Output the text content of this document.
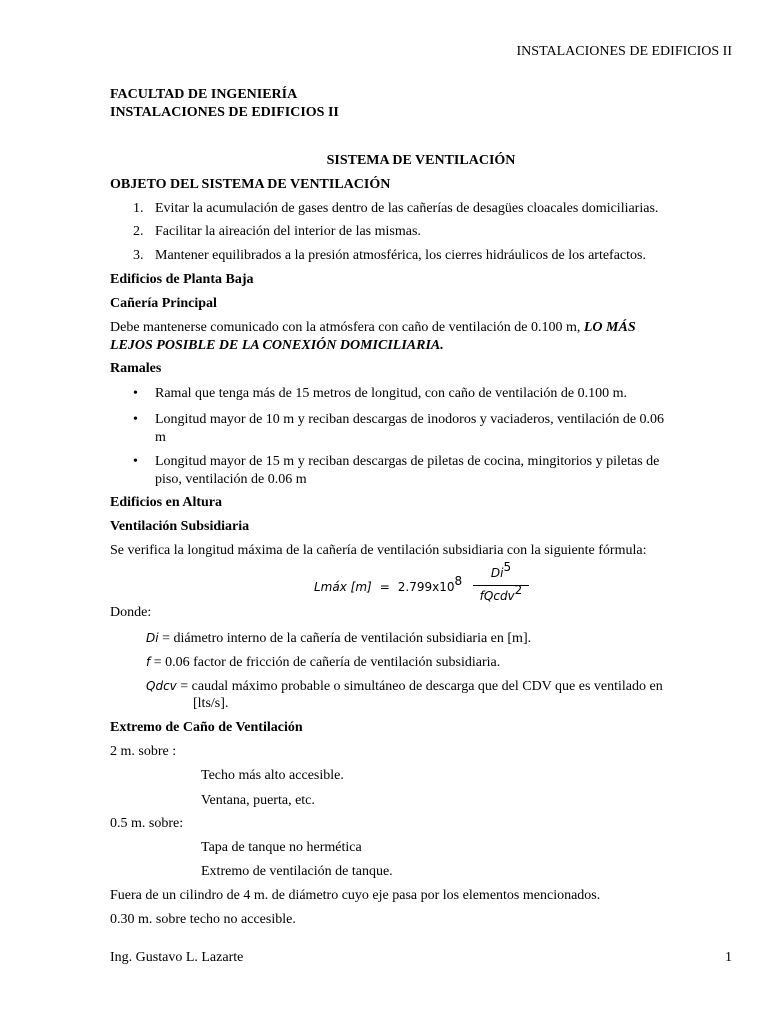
INSTALACIONES DE EDIFICIOS II
FACULTAD DE INGENIERÍA
INSTALACIONES DE EDIFICIOS II
SISTEMA DE VENTILACIÓN
OBJETO DEL SISTEMA DE VENTILACIÓN
1. Evitar la acumulación de gases dentro de las cañerías de desagües cloacales domiciliarias.
2. Facilitar la aireación del interior de las mismas.
3. Mantener equilibrados a la presión atmosférica, los cierres hidráulicos de los artefactos.
Edificios de Planta Baja
Cañería Principal
Debe mantenerse comunicado con la atmósfera con caño de ventilación de 0.100 m, LO MÁS
LEJOS POSIBLE DE LA CONEXIÓN DOMICILIARIA.
Ramales
•	Ramal que tenga más de 15 metros de longitud, con caño de ventilación de 0.100 m.
•	Longitud mayor de 10 m y reciban descargas de inodoros y vaciaderos, ventilación de 0.06
m
•	Longitud mayor de 15 m y reciban descargas de piletas de cocina, mingitorios y piletas de
piso, ventilación de 0.06 m
Edificios en Altura
Ventilación Subsidiaria
Se verifica la longitud máxima de la cañería de ventilación subsidiaria con la siguiente fórmula:
Lmáx $[m] = 2.799x10^8$
Di$^5$
fQcdv$^2$
Donde:
Di = diámetro interno de la cañería de ventilación subsidiaria en [m].
f = 0.06 factor de fricción de cañería de ventilación subsidiaria.
Qdcv = caudal máximo probable o simultáneo de descarga que del CDV que es ventilado en
[lts/s].
Extremo de Caño de Ventilación
2 m. sobre :
Techo más alto accesible.
Ventana, puerta, etc.
0.5 m. sobre:
Tapa de tanque no hermética
Extremo de ventilación de tanque.
Fuera de un cilindro de 4 m. de diámetro cuyo eje pasa por los elementos mencionados.
0.30 m. sobre techo no accesible.
Ing. Gustavo L. Lazarte	1
